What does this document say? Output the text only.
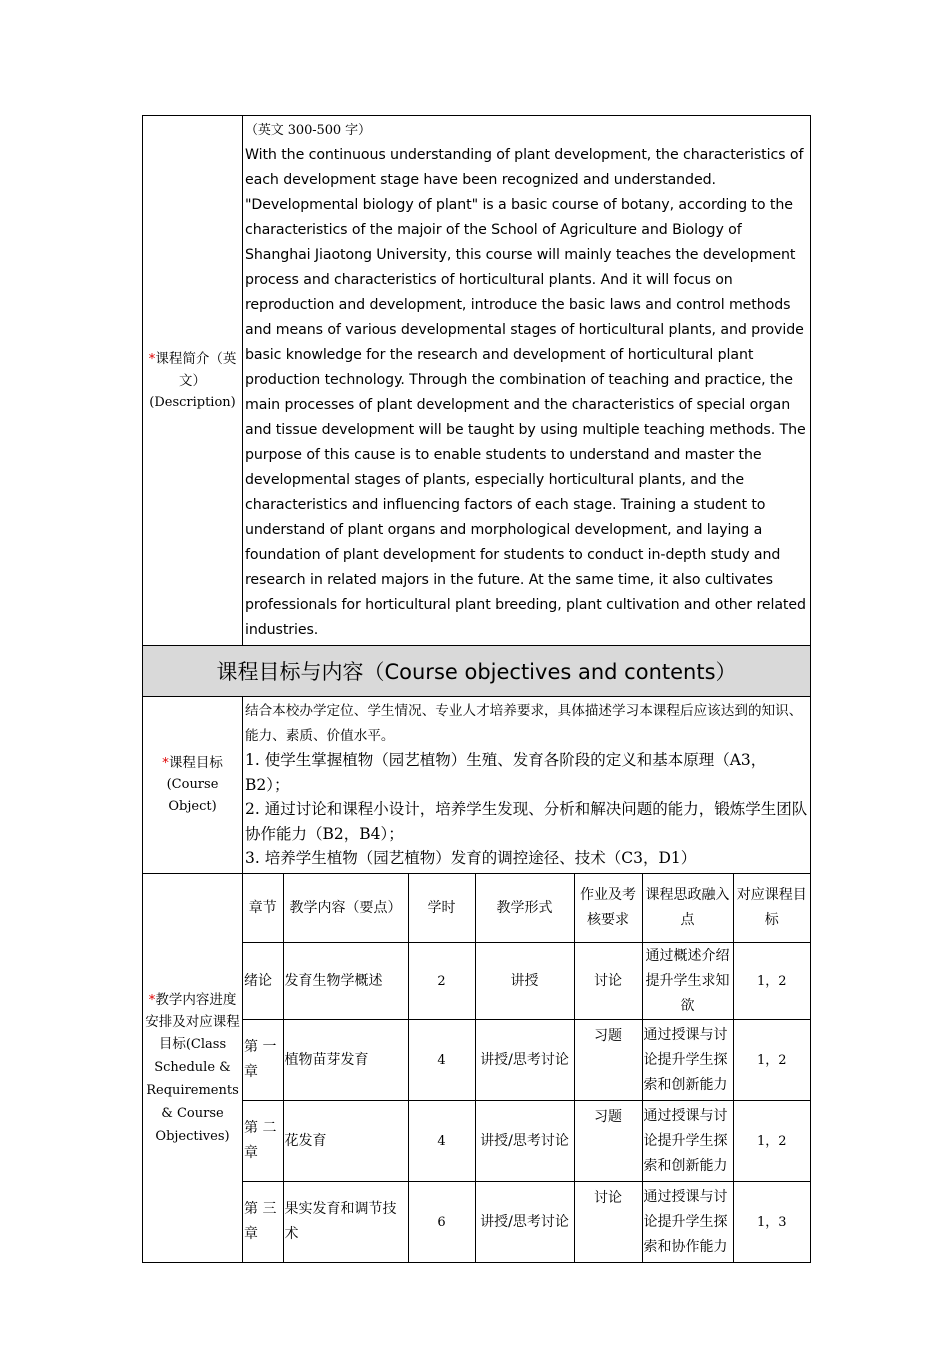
*课程简介（英文）
(Description)

（英文 300-500 字）

With the continuous understanding of plant development, the characteristics of each development stage have been recognized and understanded. "Developmental biology of plant" is a basic course of botany, according to the characteristics of the majoir of the School of Agriculture and Biology of Shanghai Jiaotong University, this course will mainly teaches the development process and characteristics of horticultural plants. And it will focus on reproduction and development, introduce the basic laws and control methods and means of various developmental stages of horticultural plants, and provide basic knowledge for the research and development of horticultural plant production technology. Through the combination of teaching and practice, the main processes of plant development and the characteristics of special organ and tissue development will be taught by using multiple teaching methods. The purpose of this cause is to enable students to understand and master the developmental stages of plants, especially horticultural plants, and the characteristics and influencing factors of each stage. Training a student to understand of plant organs and morphological development, and laying a foundation of plant development for students to conduct in-depth study and research in related majors in the future. At the same time, it also cultivates professionals for horticultural plant breeding, plant cultivation and other related industries.

课程目标与内容（Course objectives and contents）

*课程目标
(Course Object)

结合本校办学定位、学生情况、专业人才培养要求，具体描述学习本课程后应该达到的知识、能力、素质、价值水平。
1. 使学生掌握植物（园艺植物）生殖、发育各阶段的定义和基本原理（A3，B2）；
2. 通过讨论和课程小设计，培养学生发现、分析和解决问题的能力，锻炼学生团队协作能力（B2，B4）；
3. 培养学生植物（园艺植物）发育的调控途径、技术（C3，D1）

*教学内容进度安排及对应课程目标(Class Schedule & Requirements & Course Objectives)	
章节	教学内容（要点）	学时	教学形式	作业及考核要求	课程思政融入点	对应课程目标
绪论	发育生物学概述	2	讲授	讨论	通过概述介绍提升学生求知欲	1，2
第 一 章	植物苗芽发育	4	讲授/思考讨论	习题	通过授课与讨论提升学生探索和创新能力	1，2
第 二 章	花发育	4	讲授/思考讨论	习题	通过授课与讨论提升学生探索和创新能力	1，2
第 三 章	果实发育和调节技术	6	讲授/思考讨论	讨论	通过授课与讨论提升学生探索和协作能力	1，3
